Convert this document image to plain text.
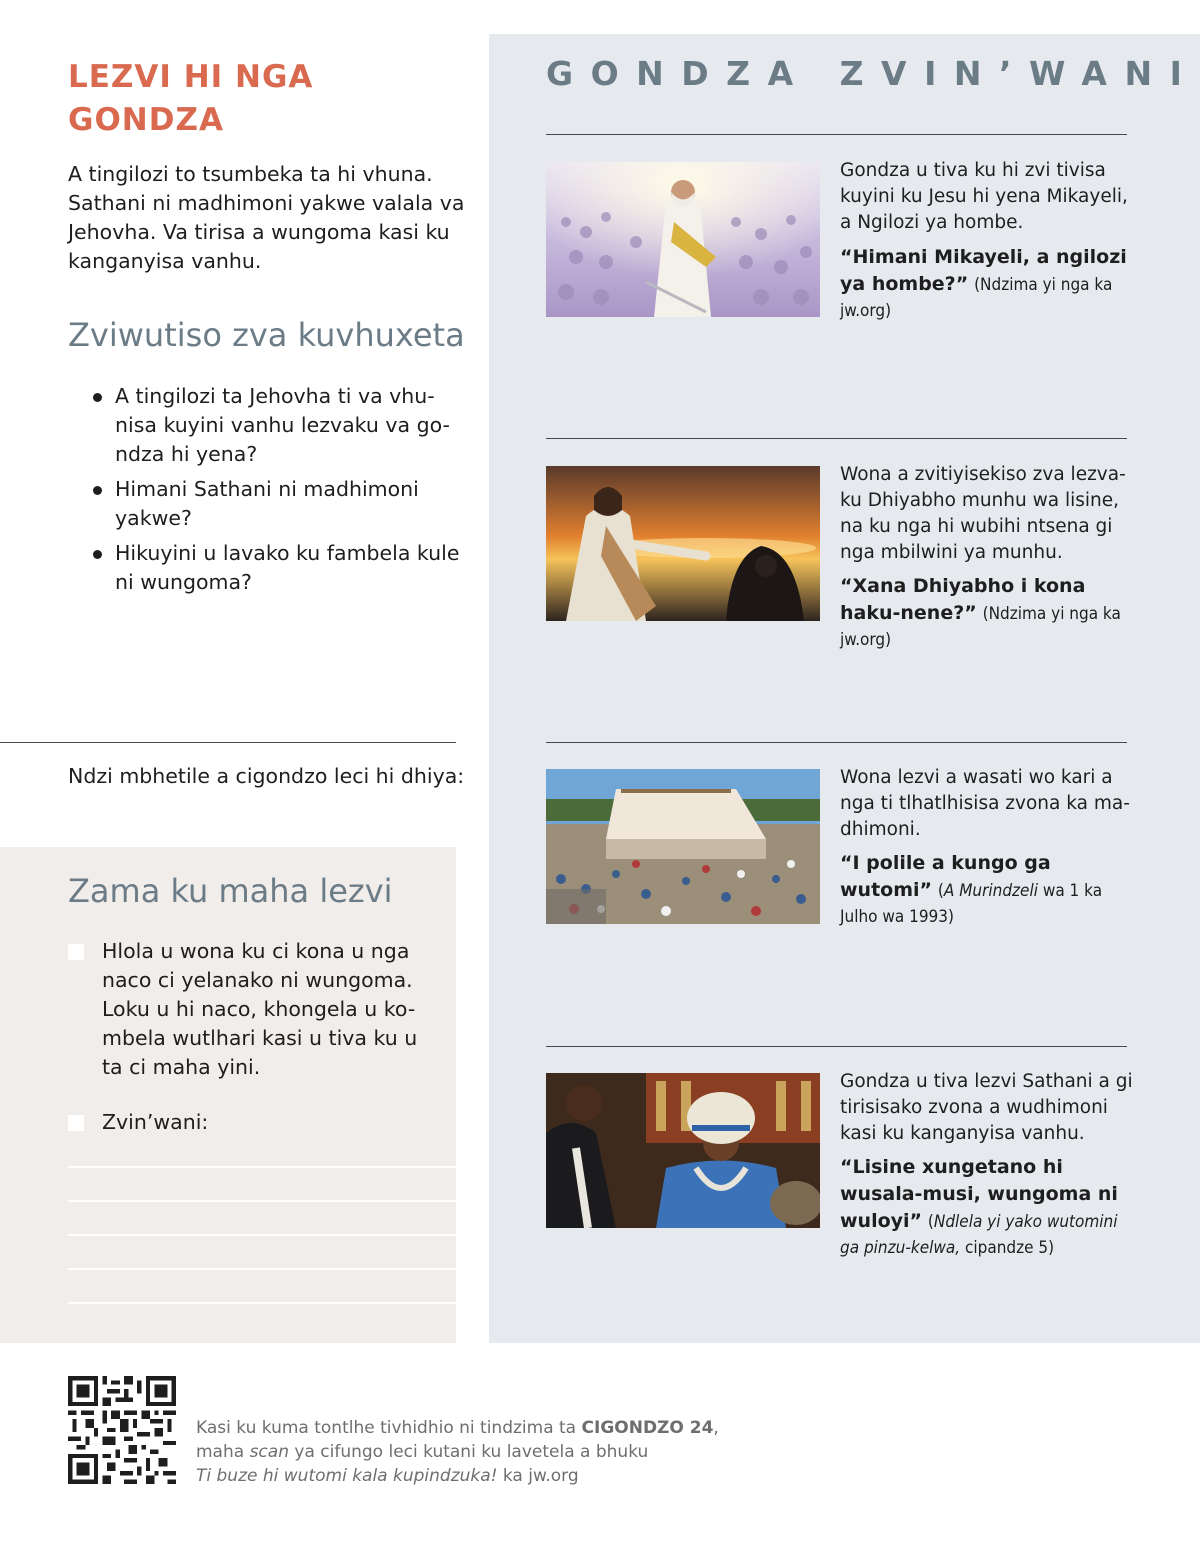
LEZVI HI NGA
GONDZA

A tingilozi to tsumbeka ta hi vhuna. Sathani ni madhimoni yakwe valala va Jehovha. Va tirisa a wungoma kasi ku kanganyisa vanhu.

Zviwutiso zva kuvhuxeta
A tingilozi ta Jehovha ti va vhu-nisa kuyini vanhu lezvaku va go-ndza hi yena?
Himani Sathani ni madhimoni yakwe?
Hikuyini u lavako ku fambela kule ni wungoma?

Ndzi mbhetile a cigondzo leci hi dhiya:

Zama ku maha lezvi
Hlola u wona ku ci kona u nga naco ci yelanako ni wungoma. Loku u hi naco, khongela u ko-mbela wutlhari kasi u tiva ku u ta ci maha yini.
Zvin’wani:
GONDZA ZVIN’WANI

Gondza u tiva ku hi zvi tivisa kuyini ku Jesu hi yena Mikayeli, a Ngilozi ya hombe.

“Himani Mikayeli, a ngilozi ya hombe?” (Ndzima yi nga ka jw.org)

Wona a zvitiyisekiso zva lezva-ku Dhiyabho munhu wa lisine, na ku nga hi wubihi ntsena gi nga mbilwini ya munhu.

“Xana Dhiyabho i kona haku-nene?” (Ndzima yi nga ka jw.org)

Wona lezvi a wasati wo kari a nga ti tlhatlhisisa zvona ka ma-dhimoni.

“I polile a kungo ga wutomi” (A Murindzeli wa 1 ka Julho wa 1993)

Gondza u tiva lezvi Sathani a gi tirisisako zvona a wudhimoni kasi ku kanganyisa vanhu.

“Lisine xungetano hi wusala-musi, wungoma ni wuloyi” (Ndlela yi yako wutomini ga pinzu-kelwa, cipandze 5)

Kasi ku kuma tontlhe tivhidhio ni tindzima ta CIGONDZO 24,
maha scan ya cifungo leci kutani ku lavetela a bhuku
Ti buze hi wutomi kala kupindzuka! ka jw.org
